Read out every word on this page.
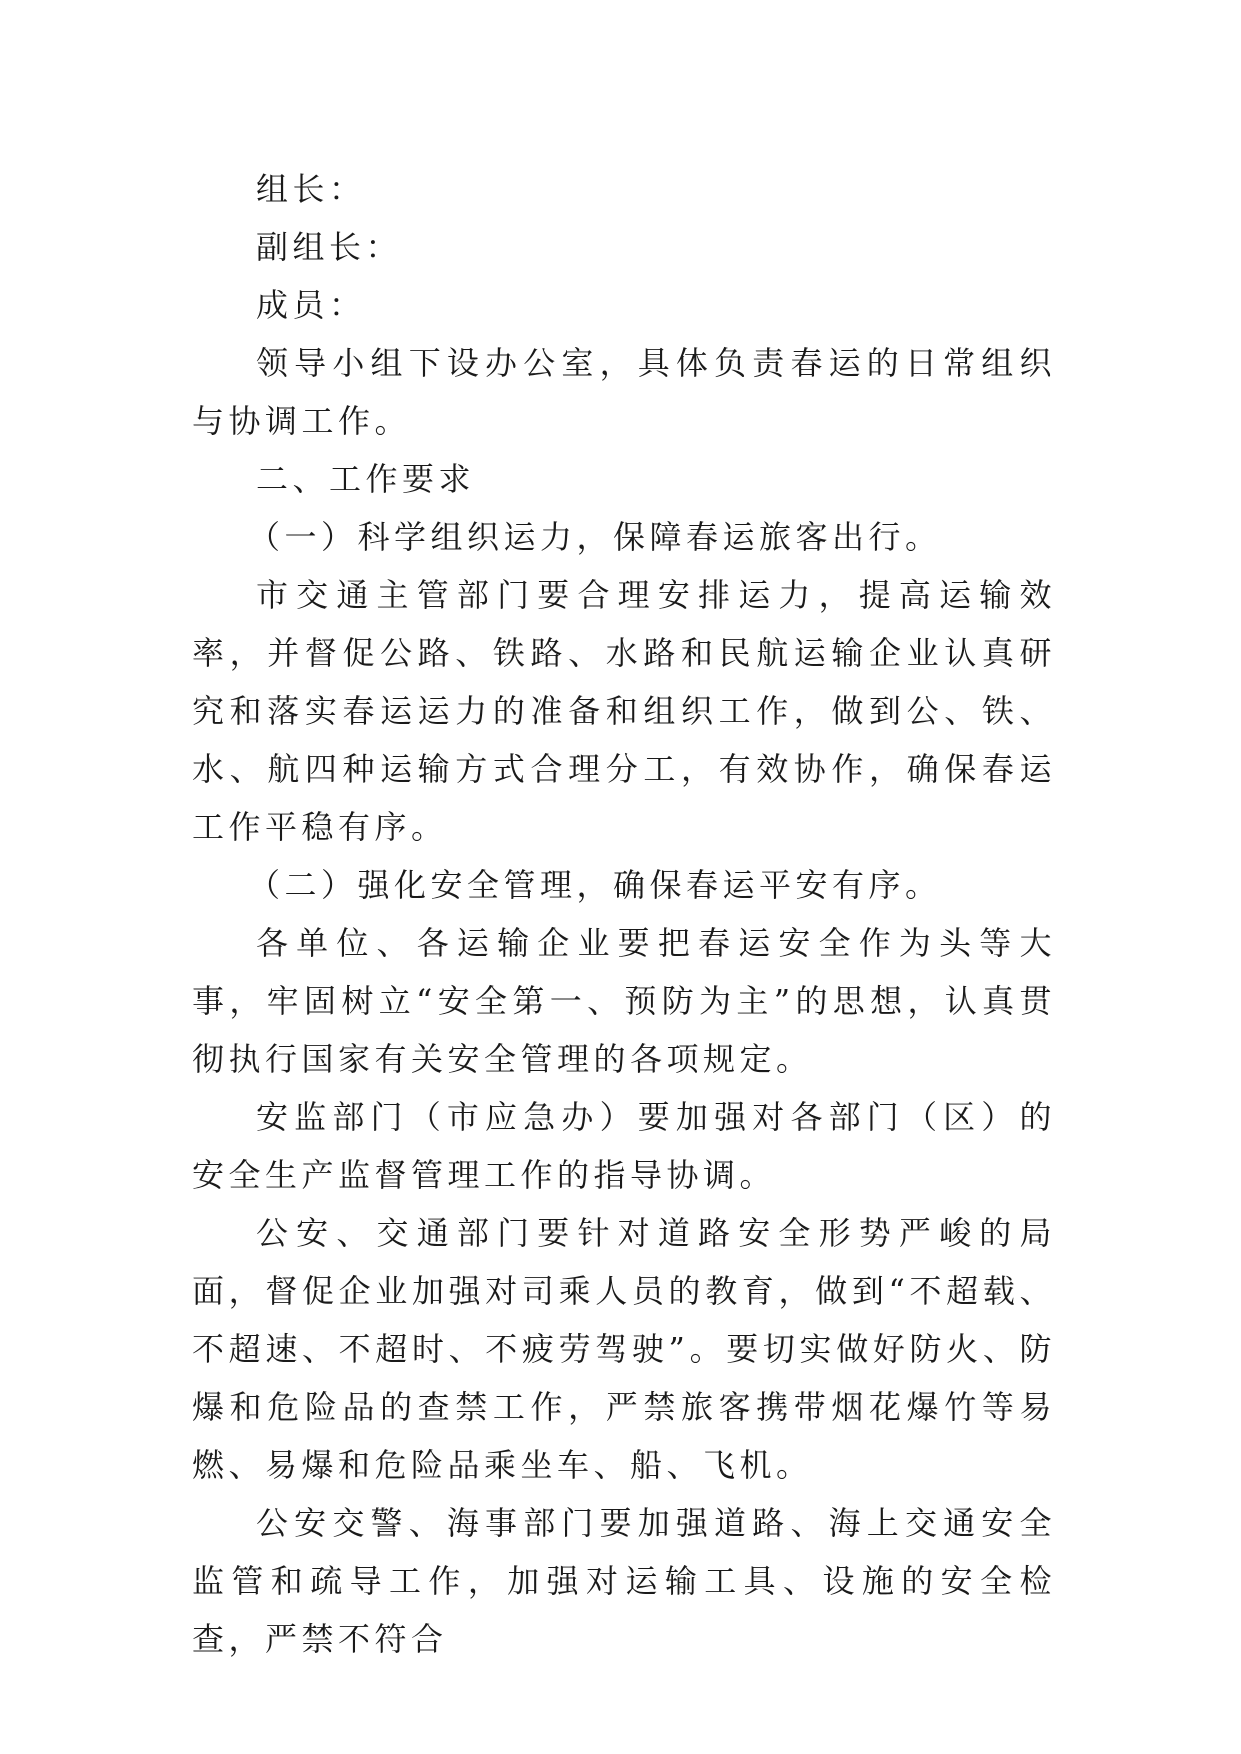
组长：

副组长：

成员：

领导小组下设办公室，具体负责春运的日常组织与协调工作。

二、工作要求

（一）科学组织运力，保障春运旅客出行。

市交通主管部门要合理安排运力，提高运输效率，并督促公路、铁路、水路和民航运输企业认真研究和落实春运运力的准备和组织工作，做到公、铁、水、航四种运输方式合理分工，有效协作，确保春运工作平稳有序。

（二）强化安全管理，确保春运平安有序。

各单位、各运输企业要把春运安全作为头等大事，牢固树立“安全第一、预防为主”的思想，认真贯彻执行国家有关安全管理的各项规定。

安监部门（市应急办）要加强对各部门（区）的安全生产监督管理工作的指导协调。

公安、交通部门要针对道路安全形势严峻的局面，督促企业加强对司乘人员的教育，做到“不超载、不超速、不超时、不疲劳驾驶”。要切实做好防火、防爆和危险品的查禁工作，严禁旅客携带烟花爆竹等易燃、易爆和危险品乘坐车、船、飞机。

公安交警、海事部门要加强道路、海上交通安全监管和疏导工作，加强对运输工具、设施的安全检查，严禁不符合
